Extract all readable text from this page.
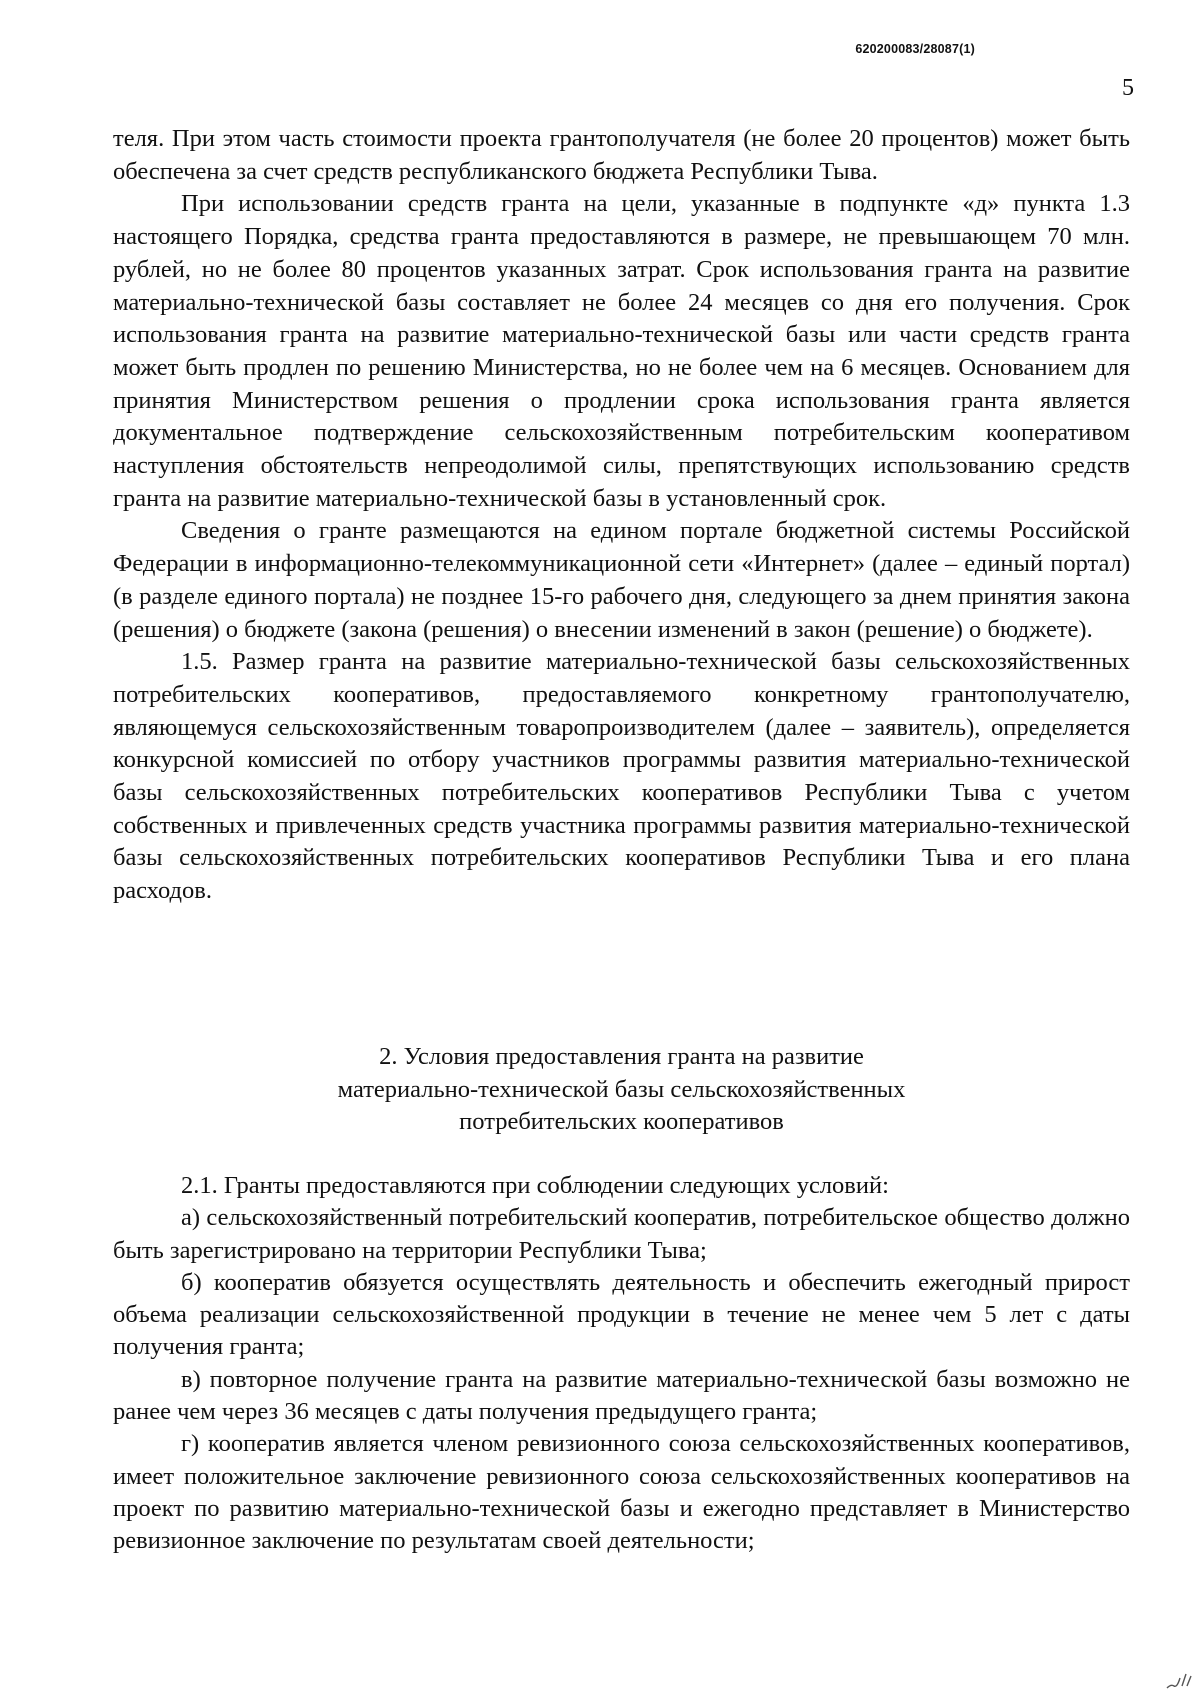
620200083/28087(1)
5

теля. При этом часть стоимости проекта грантополучателя (не более 20 процентов) может быть обеспечена за счет средств республиканского бюджета Республики Тыва.

При использовании средств гранта на цели, указанные в подпункте «д» пункта 1.3 настоящего Порядка, средства гранта предоставляются в размере, не превышающем 70 млн. рублей, но не более 80 процентов указанных затрат. Срок использования гранта на развитие материально-технической базы составляет не более 24 месяцев со дня его получения. Срок использования гранта на развитие материально-технической базы или части средств гранта может быть продлен по решению Министерства, но не более чем на 6 месяцев. Основанием для принятия Министерством решения о продлении срока использования гранта является документальное подтверждение сельскохозяйственным потребительским кооперативом наступления обстоятельств непреодолимой силы, препятствующих использованию средств гранта на развитие материально-технической базы в установленный срок.

Сведения о гранте размещаются на едином портале бюджетной системы Российской Федерации в информационно-телекоммуникационной сети «Интернет» (далее – единый портал) (в разделе единого портала) не позднее 15-го рабочего дня, следующего за днем принятия закона (решения) о бюджете (закона (решения) о внесении изменений в закон (решение) о бюджете).

1.5. Размер гранта на развитие материально-технической базы сельскохозяйственных потребительских кооперативов, предоставляемого конкретному грантополучателю, являющемуся сельскохозяйственным товаропроизводителем (далее – заявитель), определяется конкурсной комиссией по отбору участников программы развития материально-технической базы сельскохозяйственных потребительских кооперативов Республики Тыва с учетом собственных и привлеченных средств участника программы развития материально-технической базы сельскохозяйственных потребительских кооперативов Республики Тыва и его плана расходов.

2. Условия предоставления гранта на развитие
материально-технической базы сельскохозяйственных
потребительских кооперативов

2.1. Гранты предоставляются при соблюдении следующих условий:

а) сельскохозяйственный потребительский кооператив, потребительское общество должно быть зарегистрировано на территории Республики Тыва;

б) кооператив обязуется осуществлять деятельность и обеспечить ежегодный прирост объема реализации сельскохозяйственной продукции в течение не менее чем 5 лет с даты получения гранта;

в) повторное получение гранта на развитие материально-технической базы возможно не ранее чем через 36 месяцев с даты получения предыдущего гранта;

г) кооператив является членом ревизионного союза сельскохозяйственных кооперативов, имеет положительное заключение ревизионного союза сельскохозяйственных кооперативов на проект по развитию материально-технической базы и ежегодно представляет в Министерство ревизионное заключение по результатам своей деятельности;
